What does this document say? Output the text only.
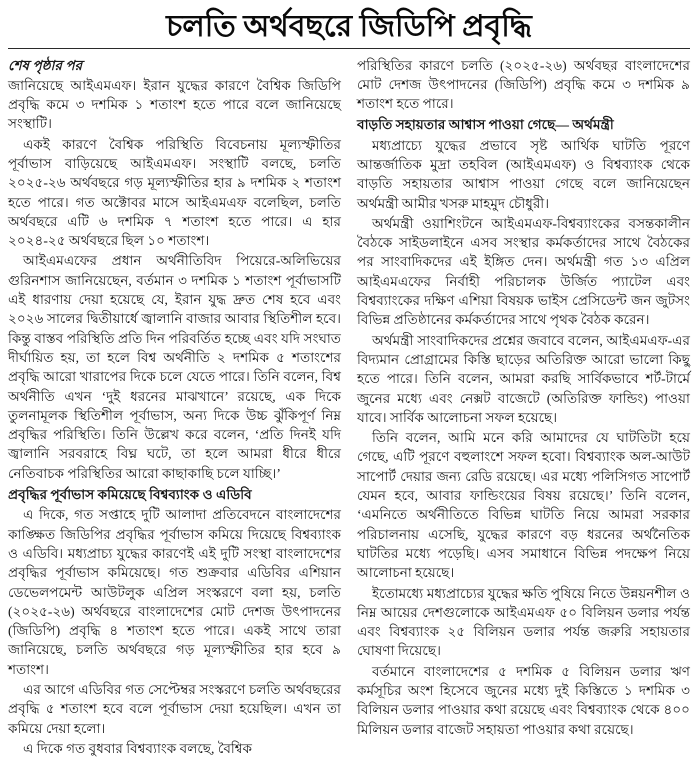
চলতি অর্থবছরে জিডিপি প্রবৃদ্ধি

শেষ পৃষ্ঠার পর

জানিয়েছে আইএমএফ। ইরান যুদ্ধের কারণে বৈশ্বিক জিডিপি প্রবৃদ্ধি কমে ৩ দশমিক ১ শতাংশ হতে পারে বলে জানিয়েছে সংস্থাটি।

একই কারণে বৈশ্বিক পরিস্থিতি বিবেচনায় মূল্যস্ফীতির পূর্বাভাস বাড়িয়েছে আইএমএফ। সংস্থাটি বলছে, চলতি ২০২৫-২৬ অর্থবছরে গড় মূল্যস্ফীতির হার ৯ দশমিক ২ শতাংশ হতে পারে। গত অক্টোবর মাসে আইএমএফ বলেছিল, চলতি অর্থবছরে এটি ৬ দশমিক ৭ শতাংশ হতে পারে। এ হার ২০২৪-২৫ অর্থবছরে ছিল ১০ শতাংশ।

আইএমএফের প্রধান অর্থনীতিবিদ পিয়েরে-অলিভিয়ের গুরিনশাস জানিয়েছেন, বর্তমান ৩ দশমিক ১ শতাংশ পূর্বাভাসটি এই ধারণায় দেয়া হয়েছে যে, ইরান যুদ্ধ দ্রুত শেষ হবে এবং ২০২৬ সালের দ্বিতীয়ার্ধে জ্বালানি বাজার আবার স্থিতিশীল হবে। কিন্তু বাস্তব পরিস্থিতি প্রতি দিন পরিবর্তিত হচ্ছে এবং যদি সংঘাত দীর্ঘায়িত হয়, তা হলে বিশ্ব অর্থনীতি ২ দশমিক ৫ শতাংশের প্রবৃদ্ধি আরো খারাপের দিকে চলে যেতে পারে। তিনি বলেন, বিশ্ব অর্থনীতি এখন ‘দুই ধরনের মাঝখানে’ রয়েছে, এক দিকে তুলনামূলক স্থিতিশীল পূর্বাভাস, অন্য দিকে উচ্চ ঝুঁকিপূর্ণ নিম্ন প্রবৃদ্ধির পরিস্থিতি। তিনি উল্লেখ করে বলেন, ‘প্রতি দিনই যদি জ্বালানি সরবরাহে বিঘ্ন ঘটে, তা হলে আমরা ধীরে ধীরে নেতিবাচক পরিস্থিতির আরো কাছাকাছি চলে যাচ্ছি।’

প্রবৃদ্ধির পূর্বাভাস কমিয়েছে বিশ্বব্যাংক ও এডিবি

এ দিকে, গত সপ্তাহে দুটি আলাদা প্রতিবেদনে বাংলাদেশের কাঙ্ক্ষিত জিডিপির প্রবৃদ্ধির পূর্বাভাস কমিয়ে দিয়েছে বিশ্বব্যাংক ও এডিবি। মধ্যপ্রাচ্য যুদ্ধের কারণেই এই দুটি সংস্থা বাংলাদেশের প্রবৃদ্ধির পূর্বাভাস কমিয়েছে। গত শুক্রবার এডিবির এশিয়ান ডেভেলপমেন্ট আউটলুক এপ্রিল সংস্করণে বলা হয়, চলতি (২০২৫-২৬) অর্থবছরে বাংলাদেশের মোট দেশজ উৎপাদনের (জিডিপি) প্রবৃদ্ধি ৪ শতাংশ হতে পারে। একই সাথে তারা জানিয়েছে, চলতি অর্থবছরে গড় মূল্যস্ফীতির হার হবে ৯ শতাংশ।

এর আগে এডিবির গত সেপ্টেম্বর সংস্করণে চলতি অর্থবছরের প্রবৃদ্ধি ৫ শতাংশ হবে বলে পূর্বাভাস দেয়া হয়েছিল। এখন তা কমিয়ে দেয়া হলো।

এ দিকে গত বুধবার বিশ্বব্যাংক বলছে, বৈশ্বিক

পরিস্থিতির কারণে চলতি (২০২৫-২৬) অর্থবছর বাংলাদেশের মোট দেশজ উৎপাদনের (জিডিপি) প্রবৃদ্ধি কমে ৩ দশমিক ৯ শতাংশ হতে পারে।

বাড়তি সহায়তার আশ্বাস পাওয়া গেছে— অর্থমন্ত্রী

মধ্যপ্রাচ্যে যুদ্ধের প্রভাবে সৃষ্ট আর্থিক ঘাটতি পূরণে আন্তর্জাতিক মুদ্রা তহবিল (আইএমএফ) ও বিশ্বব্যাংক থেকে বাড়তি সহায়তার আশ্বাস পাওয়া গেছে বলে জানিয়েছেন অর্থমন্ত্রী আমীর খসরু মাহমুদ চৌধুরী।

অর্থমন্ত্রী ওয়াশিংটনে আইএমএফ-বিশ্বব্যাংকের বসন্তকালীন বৈঠকে সাইডলাইনে এসব সংস্থার কর্মকর্তাদের সাথে বৈঠকের পর সাংবাদিকদের এই ইঙ্গিত দেন। অর্থমন্ত্রী গত ১৩ এপ্রিল আইএমএফের নির্বাহী পরিচালক উর্জিত প্যাটেল এবং বিশ্বব্যাংকের দক্ষিণ এশিয়া বিষয়ক ভাইস প্রেসিডেন্ট জন জুটসং বিভিন্ন প্রতিষ্ঠানের কর্মকর্তাদের সাথে পৃথক বৈঠক করেন।

অর্থমন্ত্রী সাংবাদিকদের প্রশ্নের জবাবে বলেন, আইএমএফ-এর বিদ্যমান প্রোগ্রামের কিস্তি ছাড়ের অতিরিক্ত আরো ভালো কিছু হতে পারে। তিনি বলেন, আমরা করছি সার্বিকভাবে শর্ট-টার্মে জুনের মধ্যে এবং নেক্সট বাজেটে (অতিরিক্ত ফান্ডিং) পাওয়া যাবে। সার্বিক আলোচনা সফল হয়েছে।

তিনি বলেন, আমি মনে করি আমাদের যে ঘাটতিটা হয়ে গেছে, এটি পূরণে বহুলাংশে সফল হবো। বিশ্বব্যাংক অল-আউট সাপোর্ট দেয়ার জন্য রেডি রয়েছে। এর মধ্যে পলিসিগত সাপোর্ট যেমন হবে, আবার ফান্ডিংয়ের বিষয় রয়েছে।’ তিনি বলেন, ‘এমনিতে অর্থনীতিতে বিভিন্ন ঘাটতি নিয়ে আমরা সরকার পরিচালনায় এসেছি, যুদ্ধের কারণে বড় ধরনের অর্থনৈতিক ঘাটতির মধ্যে পড়েছি। এসব সমাধানে বিভিন্ন পদক্ষেপ নিয়ে আলোচনা হয়েছে।

ইতোমধ্যে মধ্যপ্রাচ্যের যুদ্ধের ক্ষতি পুষিয়ে নিতে উন্নয়নশীল ও নিম্ন আয়ের দেশগুলোকে আইএমএফ ৫০ বিলিয়ন ডলার পর্যন্ত এবং বিশ্বব্যাংক ২৫ বিলিয়ন ডলার পর্যন্ত জরুরি সহায়তার ঘোষণা দিয়েছে।

বর্তমানে বাংলাদেশের ৫ দশমিক ৫ বিলিয়ন ডলার ঋণ কর্মসূচির অংশ হিসেবে জুনের মধ্যে দুই কিস্তিতে ১ দশমিক ৩ বিলিয়ন ডলার পাওয়ার কথা রয়েছে এবং বিশ্বব্যাংক থেকে ৪০০ মিলিয়ন ডলার বাজেট সহায়তা পাওয়ার কথা রয়েছে।
